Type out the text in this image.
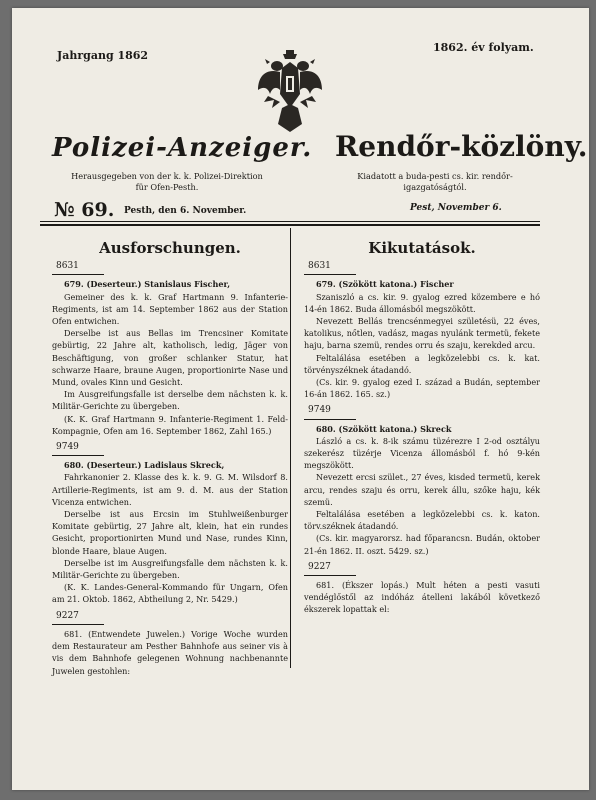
Jahrgang 1862
1862. év folyam.
Polizei-Anzeiger. Rendőr-közlöny.
Herausgegeben von der k. k. Polizei-Direktion
für Ofen-Pesth.
Kiadatott a buda-pesti cs. kir. rendőr-
igazgatóságtól.
№ 69. Pesth, den 6. November.	Pest, November 6.
Ausforschungen.
8631

679. (Deserteur.) Stanislaus Fischer,

Gemeiner des k. k. Graf Hartmann 9. Infanterie-Regiments, ist am 14. September 1862 aus der Station Ofen entwichen.

Derselbe ist aus Bellas im Trencsiner Komitate gebürtig, 22 Jahre alt, katholisch, ledig, Jäger von Beschäftigung, von großer schlanker Statur, hat schwarze Haare, braune Augen, proportionirte Nase und Mund, ovales Kinn und Gesicht.

Im Ausgreifungsfalle ist derselbe dem nächsten k. k. Militär-Gerichte zu übergeben.

(K. K. Graf Hartmann 9. Infanterie-Regiment 1. Feld-Kompagnie, Ofen am 16. September 1862, Zahl 165.)

9749

680. (Deserteur.) Ladislaus Skreck,

Fahrkanonier 2. Klasse des k. k. 9. G. M. Wilsdorf 8. Artillerie-Regiments, ist am 9. d. M. aus der Station Vicenza entwichen.

Derselbe ist aus Ercsin im Stuhlweißenburger Komitate gebürtig, 27 Jahre alt, klein, hat ein rundes Gesicht, proportionirten Mund und Nase, rundes Kinn, blonde Haare, blaue Augen.

Derselbe ist im Ausgreifungsfalle dem nächsten k. k. Militär-Gerichte zu übergeben.

(K. K. Landes-General-Kommando für Ungarn, Ofen am 21. Oktob. 1862, Abtheilung 2, Nr. 5429.)

9227

681. (Entwendete Juwelen.) Vorige Woche wurden dem Restaurateur am Pesther Bahnhofe aus seiner vis à vis dem Bahnhofe gelegenen Wohnung nachbenannte Juwelen gestohlen:

Kikutatások.
8631

679. (Szökött katona.) Fischer

Szaniszló a cs. kir. 9. gyalog ezred közembere e hó 14-én 1862. Buda állomásból megszökött.

Nevezett Bellás trencsénmegyei születésü, 22 éves, katolikus, nőtlen, vadász, magas nyulánk termetü, fekete haju, barna szemü, rendes orru és szaju, kerekded arcu.

Feltalálása esetében a legközelebbi cs. k. kat. törvényszéknek átadandó.

(Cs. kir. 9. gyalog ezed I. század a Budán, september 16-án 1862. 165. sz.)

9749

680. (Szökött katona.) Skreck

László a cs. k. 8-ik számu tüzérezre I 2-od osztályu szekerész tüzérje Vicenza állomásból f. hó 9-kén megszökött.

Nevezett ercsi szület., 27 éves, kisded termetü, kerek arcu, rendes szaju és orru, kerek állu, szőke haju, kék szemü.

Feltalálása esetében a legközelebbi cs. k. katon. törv.széknek átadandó.

(Cs. kir. magyarorsz. had főparancsn. Budán, oktober 21-én 1862. II. oszt. 5429. sz.)

9227

681. (Ékszer lopás.) Mult héten a pesti vasuti vendéglőstől az indóház átelleni lakából következő ékszerek lopattak el:
